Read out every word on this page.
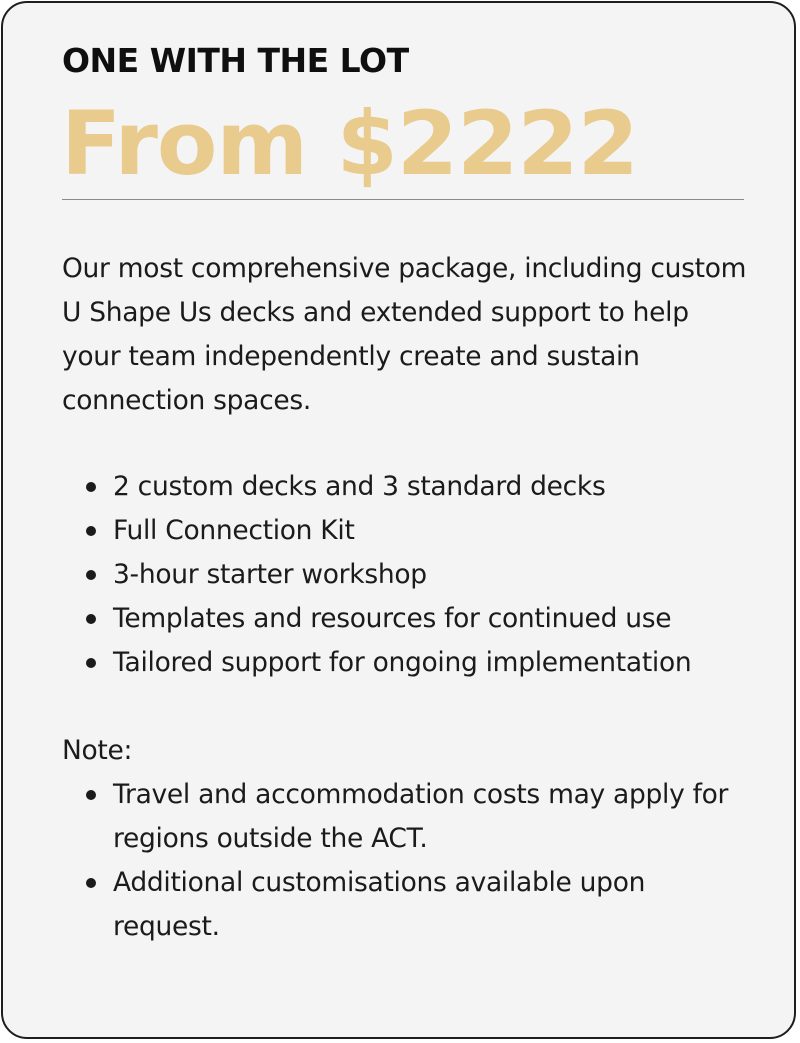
ONE WITH THE LOT
From $2222

Our most comprehensive package, including custom U Shape Us decks and extended support to help your team independently create and sustain connection spaces.

2 custom decks and 3 standard decks
Full Connection Kit
3-hour starter workshop
Templates and resources for continued use
Tailored support for ongoing implementation
Note:
Travel and accommodation costs may apply for regions outside the ACT.
Additional customisations available upon request.
